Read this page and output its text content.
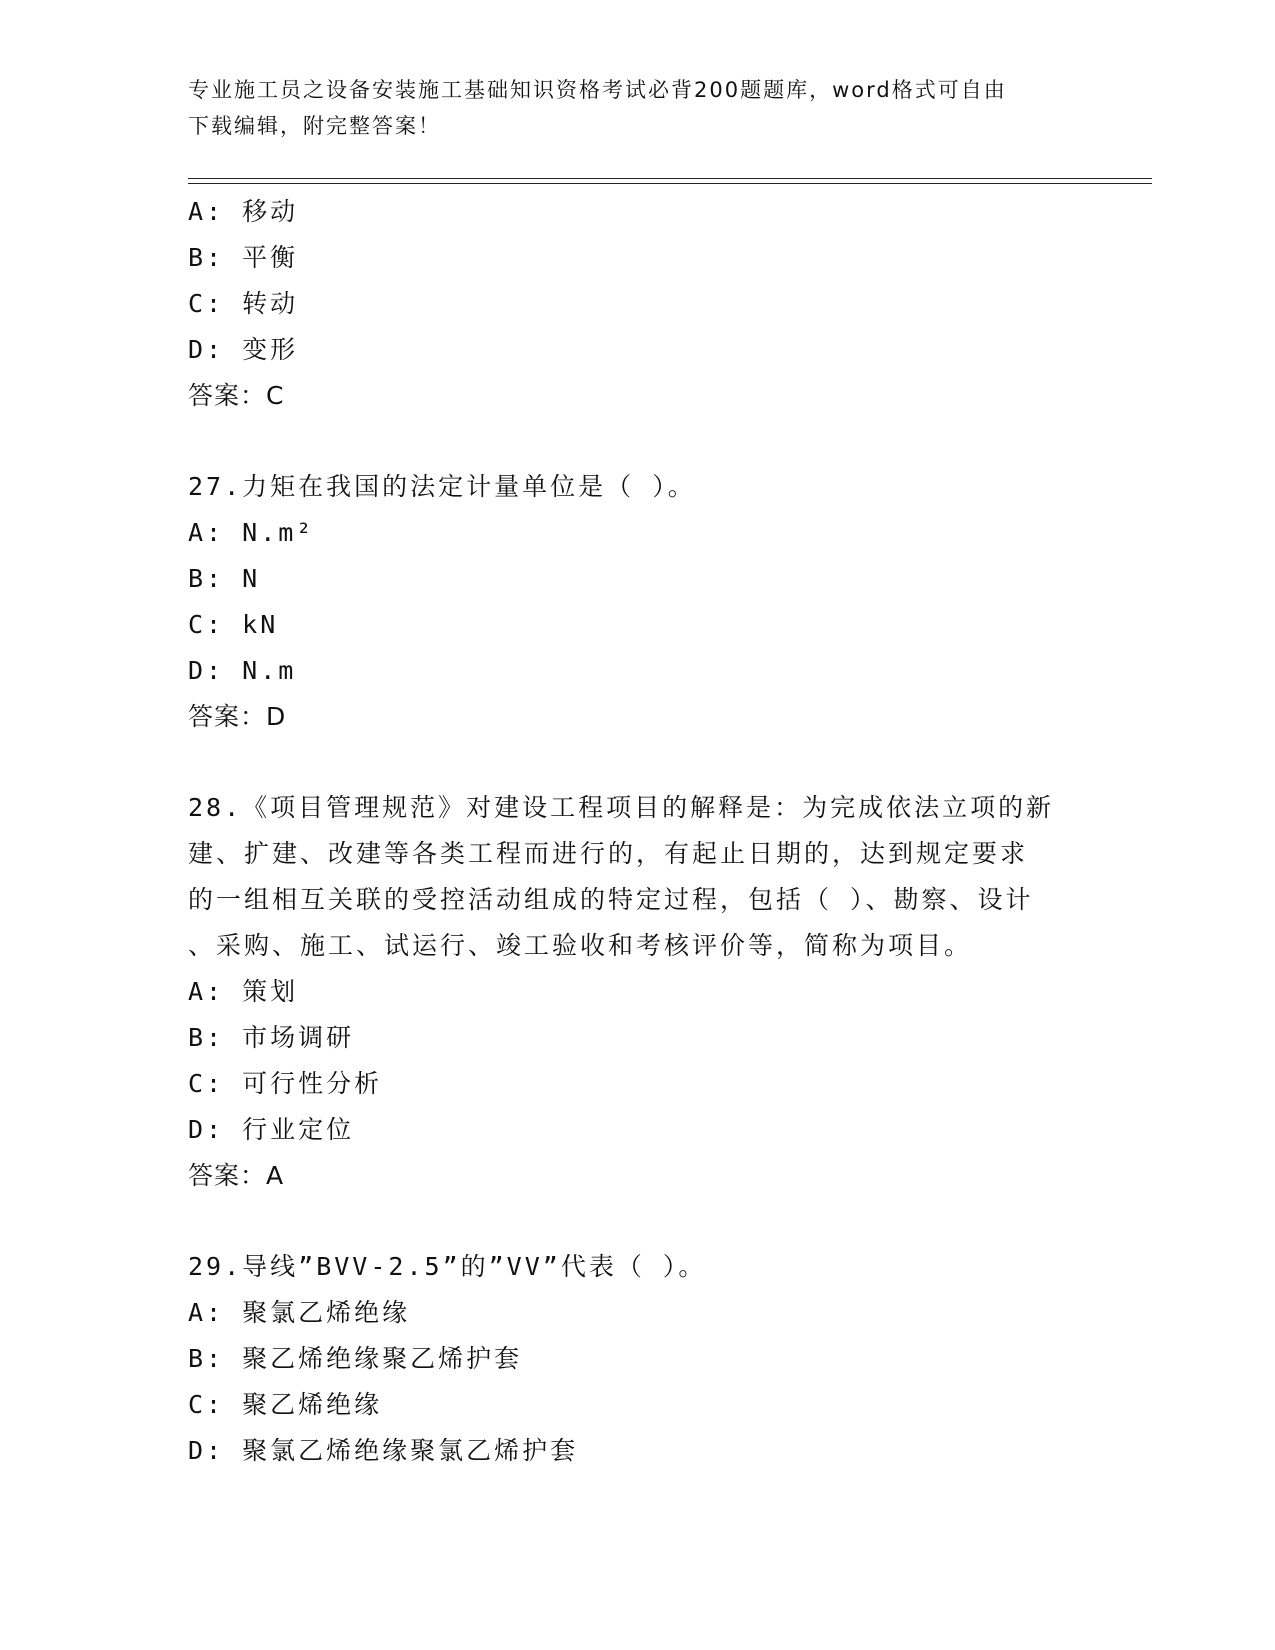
专业施工员之设备安装施工基础知识资格考试必背200题题库，word格式可自由
下载编辑，附完整答案！
A: 移动
B: 平衡
C: 转动
D: 变形
答案：C
27.力矩在我国的法定计量单位是（ ）。
A: N.m²
B: N
C: kN
D: N.m
答案：D
28.《项目管理规范》对建设工程项目的解释是：为完成依法立项的新
建、扩建、改建等各类工程而进行的，有起止日期的，达到规定要求
的一组相互关联的受控活动组成的特定过程，包括（ ）、勘察、设计
、采购、施工、试运行、竣工验收和考核评价等，简称为项目。
A: 策划
B: 市场调研
C: 可行性分析
D: 行业定位
答案：A
29.导线”BVV-2.5”的”VV”代表（ ）。
A: 聚氯乙烯绝缘
B: 聚乙烯绝缘聚乙烯护套
C: 聚乙烯绝缘
D: 聚氯乙烯绝缘聚氯乙烯护套
